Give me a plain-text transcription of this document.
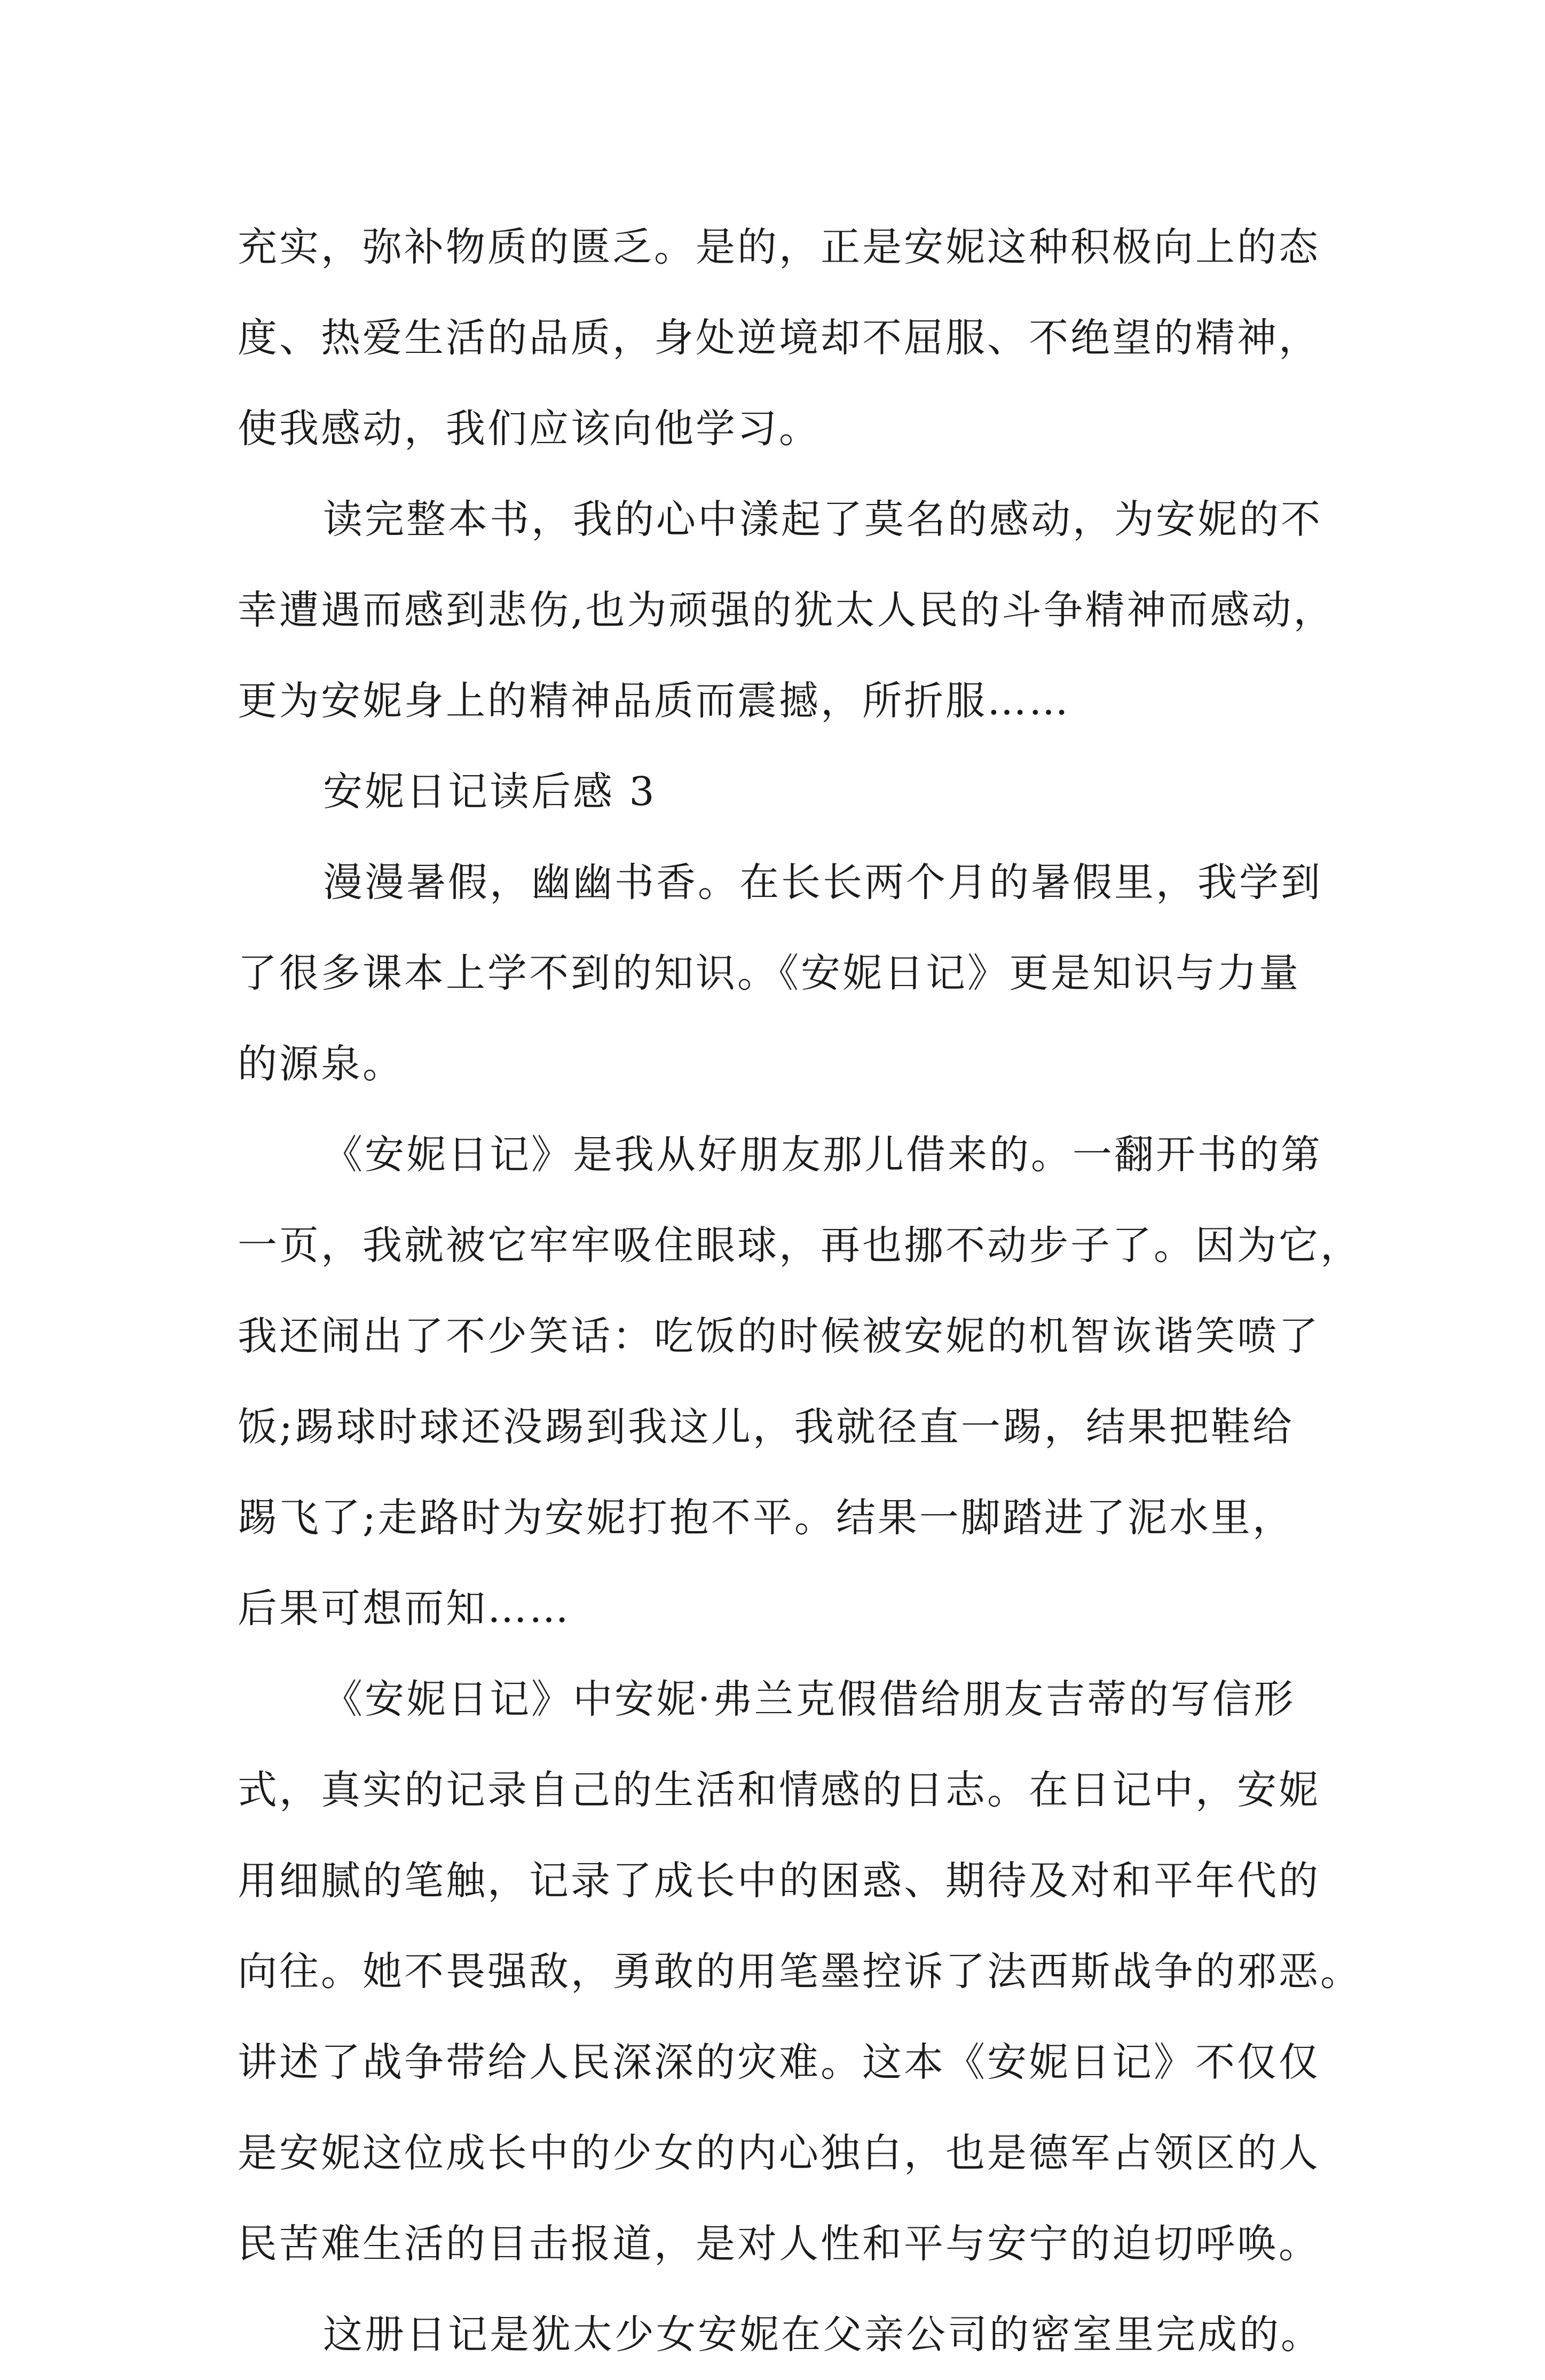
充实，弥补物质的匮乏。是的，正是安妮这种积极向上的态
度、热爱生活的品质，身处逆境却不屈服、不绝望的精神，
使我感动，我们应该向他学习。
读完整本书，我的心中漾起了莫名的感动，为安妮的不
幸遭遇而感到悲伤,也为顽强的犹太人民的斗争精神而感动，
更为安妮身上的精神品质而震撼，所折服……
安妮日记读后感 3
漫漫暑假，幽幽书香。在长长两个月的暑假里，我学到
了很多课本上学不到的知识。《安妮日记》更是知识与力量
的源泉。
《安妮日记》是我从好朋友那儿借来的。一翻开书的第
一页，我就被它牢牢吸住眼球，再也挪不动步子了。因为它，
我还闹出了不少笑话：吃饭的时候被安妮的机智诙谐笑喷了
饭;踢球时球还没踢到我这儿，我就径直一踢，结果把鞋给
踢飞了;走路时为安妮打抱不平。结果一脚踏进了泥水里，
后果可想而知……
《安妮日记》中安妮·弗兰克假借给朋友吉蒂的写信形
式，真实的记录自己的生活和情感的日志。在日记中，安妮
用细腻的笔触，记录了成长中的困惑、期待及对和平年代的
向往。她不畏强敌，勇敢的用笔墨控诉了法西斯战争的邪恶。
讲述了战争带给人民深深的灾难。这本《安妮日记》不仅仅
是安妮这位成长中的少女的内心独白，也是德军占领区的人
民苦难生活的目击报道，是对人性和平与安宁的迫切呼唤。
这册日记是犹太少女安妮在父亲公司的密室里完成的。
